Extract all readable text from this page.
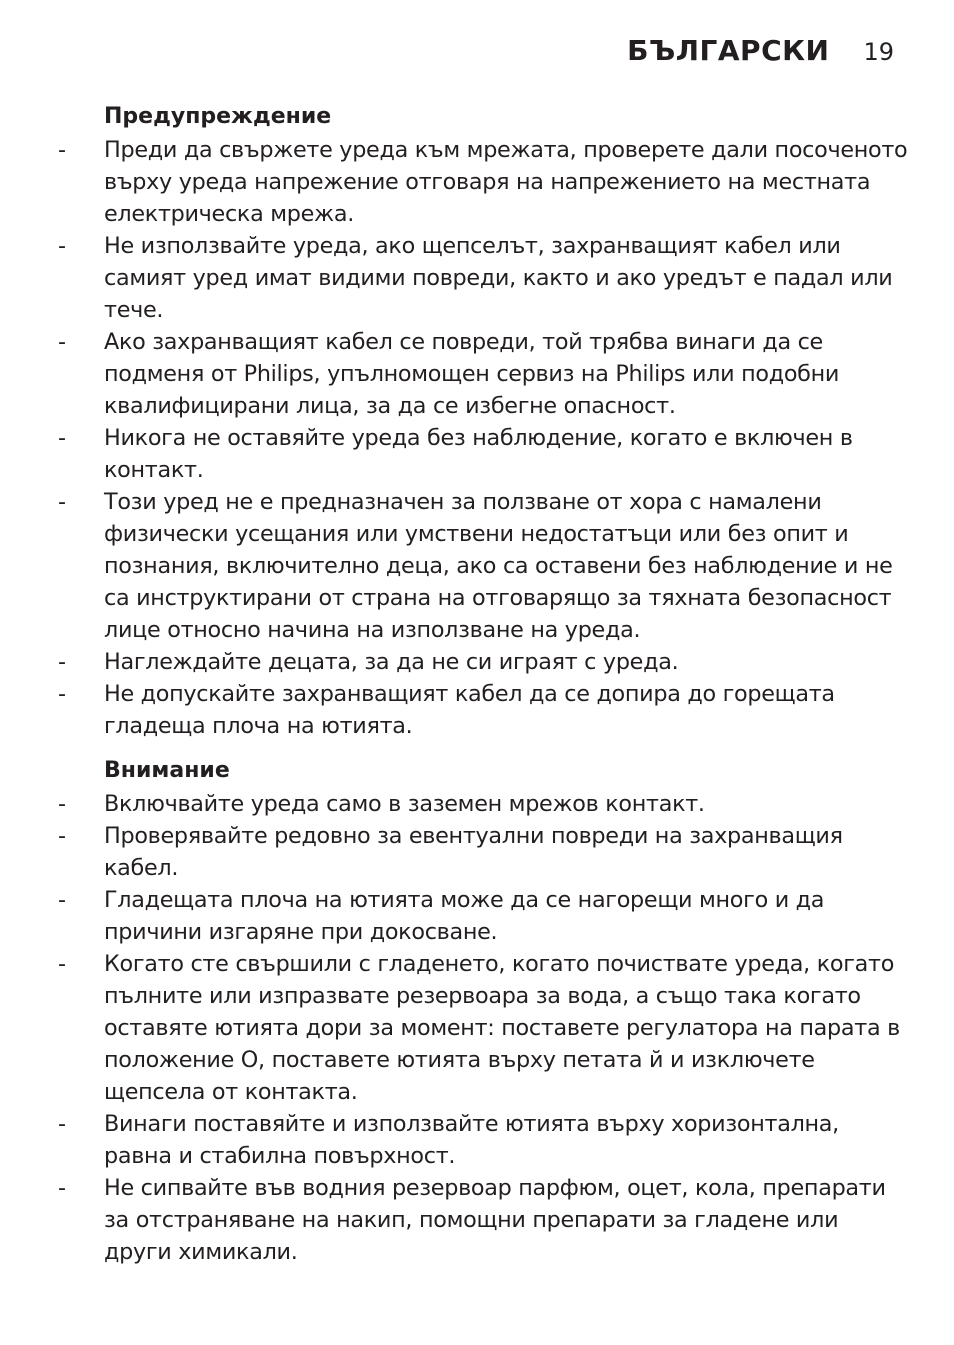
БЪЛГАРСКИ 19
Предупреждение
-	Преди да свържете уреда към мрежата, проверете дали посоченото върху уреда напрежение отговаря на напрежението на местната електрическа мрежа.
-	Не използвайте уреда, ако щепселът, захранващият кабел или самият уред имат видими повреди, както и ако уредът е падал или тече.
-	Ако захранващият кабел се повреди, той трябва винаги да се подменя от Philips, упълномощен сервиз на Philips или подобни квалифицирани лица, за да се избегне опасност.
-	Никога не оставяйте уреда без наблюдение, когато е включен в контакт.
-	Този уред не е предназначен за ползване от хора с намалени физически усещания или умствени недостатъци или без опит и познания, включително деца, ако са оставени без наблюдение и не са инструктирани от страна на отговарящо за тяхната безопасност лице относно начина на използване на уреда.
-	Наглеждайте децата, за да не си играят с уреда.
-	Не допускайте захранващият кабел да се допира до горещата гладеща плоча на ютията.
Внимание
-	Включвайте уреда само в заземен мрежов контакт.
-	Проверявайте редовно за евентуални повреди на захранващия кабел.
-	Гладещата плоча на ютията може да се нагорещи много и да причини изгаряне при докосване.
-	Когато сте свършили с гладенето, когато почиствате уреда, когато пълните или изпразвате резервоара за вода, а също така когато оставяте ютията дори за момент: поставете регулатора на парата в положение O, поставете ютията върху петата й и изключете щепсела от контакта.
-	Винаги поставяйте и използвайте ютията върху хоризонтална, равна и стабилна повърхност.
-	Не сипвайте във водния резервоар парфюм, оцет, кола, препарати за отстраняване на накип, помощни препарати за гладене или други химикали.
